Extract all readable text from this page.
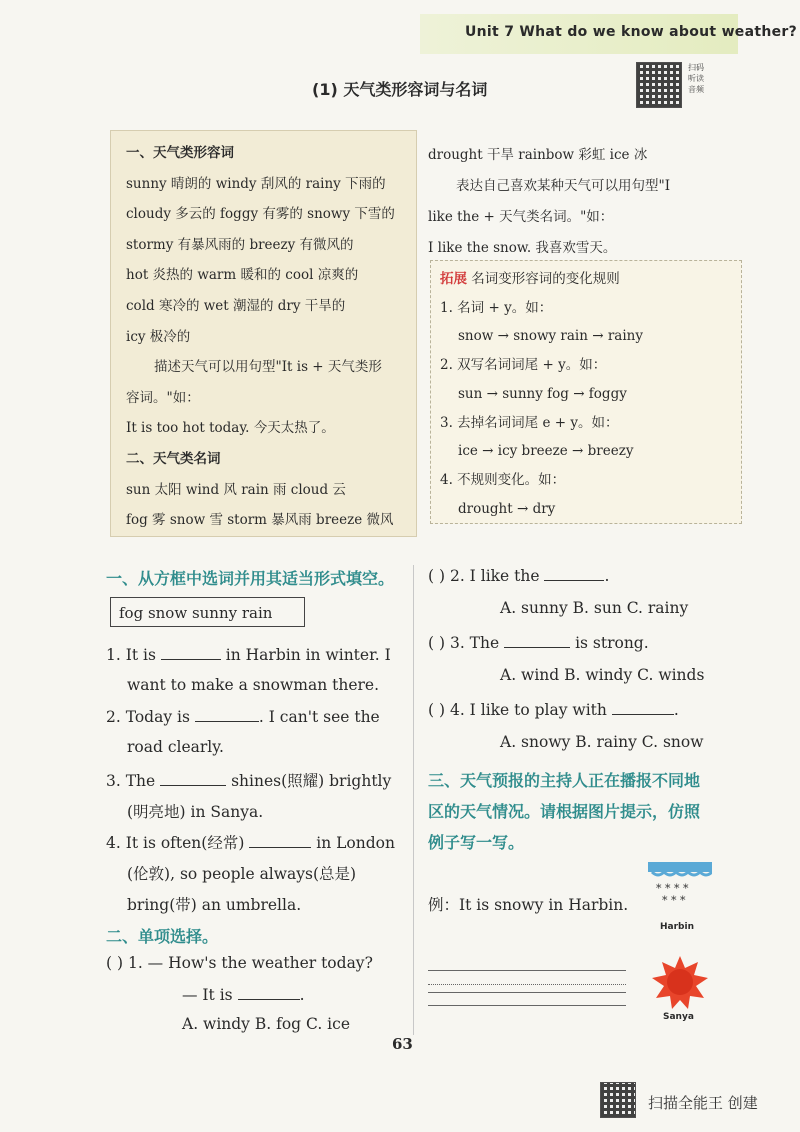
Unit 7 What do we know about weather?
(1) 天气类形容词与名词
扫码
听读
音频
一、天气类形容词
sunny 晴朗的 windy 刮风的 rainy 下雨的
cloudy 多云的 foggy 有雾的 snowy 下雪的
stormy 有暴风雨的 breezy 有微风的
hot 炎热的 warm 暖和的 cool 凉爽的
cold 寒冷的 wet 潮湿的 dry 干旱的
icy 极冷的
描述天气可以用句型"It is + 天气类形
容词。"如：
It is too hot today. 今天太热了。
二、天气类名词
sun 太阳 wind 风 rain 雨 cloud 云
fog 雾 snow 雪 storm 暴风雨 breeze 微风
drought 干旱 rainbow 彩虹 ice 冰
表达自己喜欢某种天气可以用句型"I
like the + 天气类名词。"如：
I like the snow. 我喜欢雪天。
拓展 名词变形容词的变化规则
1. 名词 + y。如：
snow → snowy rain → rainy
2. 双写名词词尾 + y。如：
sun → sunny fog → foggy
3. 去掉名词词尾 e + y。如：
ice → icy breeze → breezy
4. 不规则变化。如：
drought → dry
一、从方框中选词并用其适当形式填空。
fog snow sunny rain
1. It is	in Harbin in winter. I
want to make a snowman there.
2. Today is	. I can't see the
road clearly.
3. The	shines(照耀) brightly
(明亮地) in Sanya.
4. It is often(经常)	in London
(伦敦), so people always(总是)
bring(带) an umbrella.
二、单项选择。
( ) 1. — How's the weather today?
— It is	.
A. windy B. fog C. ice
( ) 2. I like the	.
A. sunny B. sun C. rainy
( ) 3. The	is strong.
A. wind B. windy C. winds
( ) 4. I like to play with	.
A. snowy B. rainy C. snow
三、天气预报的主持人正在播报不同地
区的天气情况。请根据图片提示，仿照
例子写一写。
例：It is snowy in Harbin.
* * * *
* * *
Harbin
Sanya
63
扫描全能王 创建
